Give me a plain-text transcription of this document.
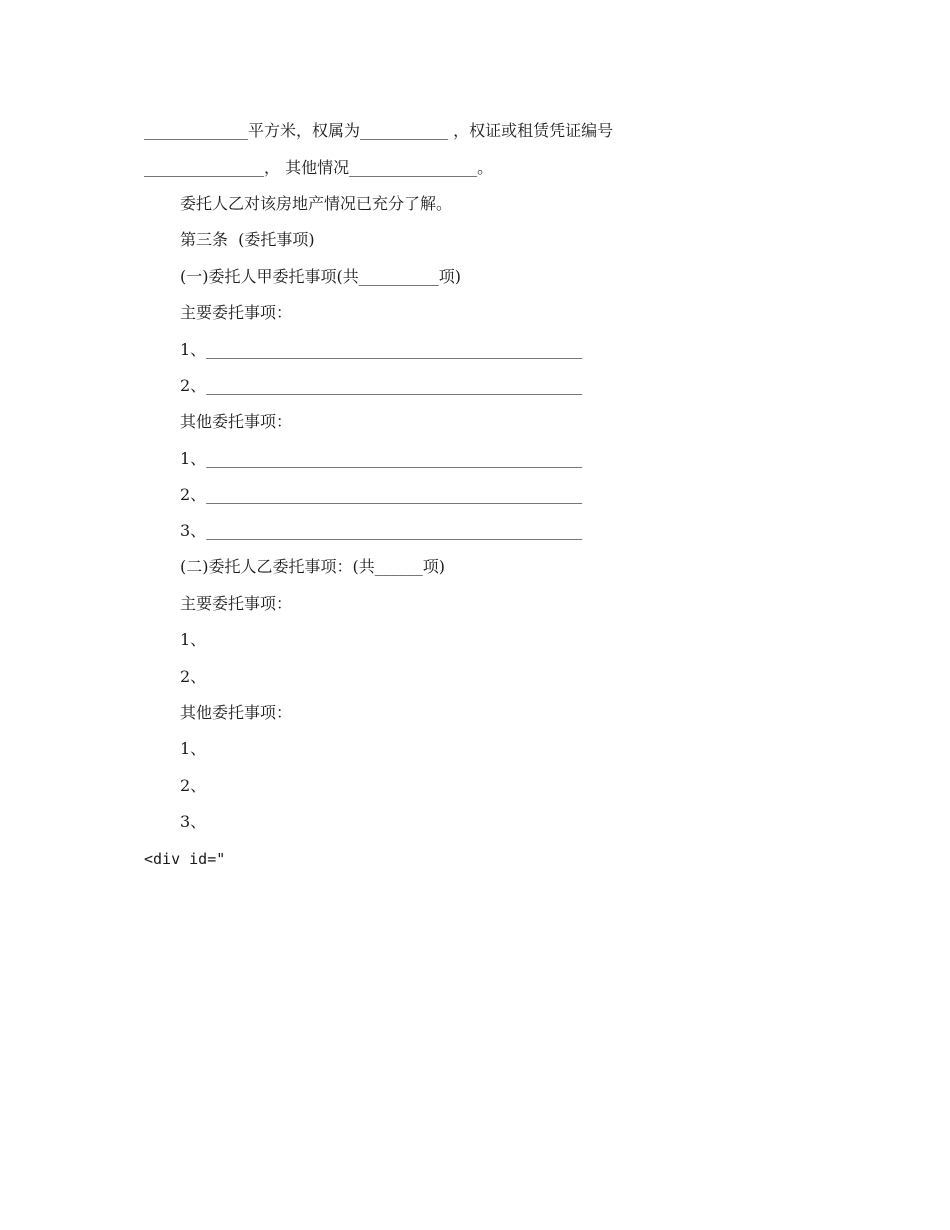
_____________平方米，权属为___________ ，权证或租赁凭证编号
_______________， 其他情况________________。
委托人乙对该房地产情况已充分了解。
第三条  (委托事项)
(一)委托人甲委托事项(共__________项)
主要委托事项：
1、_______________________________________________
2、_______________________________________________
其他委托事项：
1、_______________________________________________
2、_______________________________________________
3、_______________________________________________
(二)委托人乙委托事项：(共______项)
主要委托事项：
1、
2、
其他委托事项：
1、
2、
3、
<div id="
